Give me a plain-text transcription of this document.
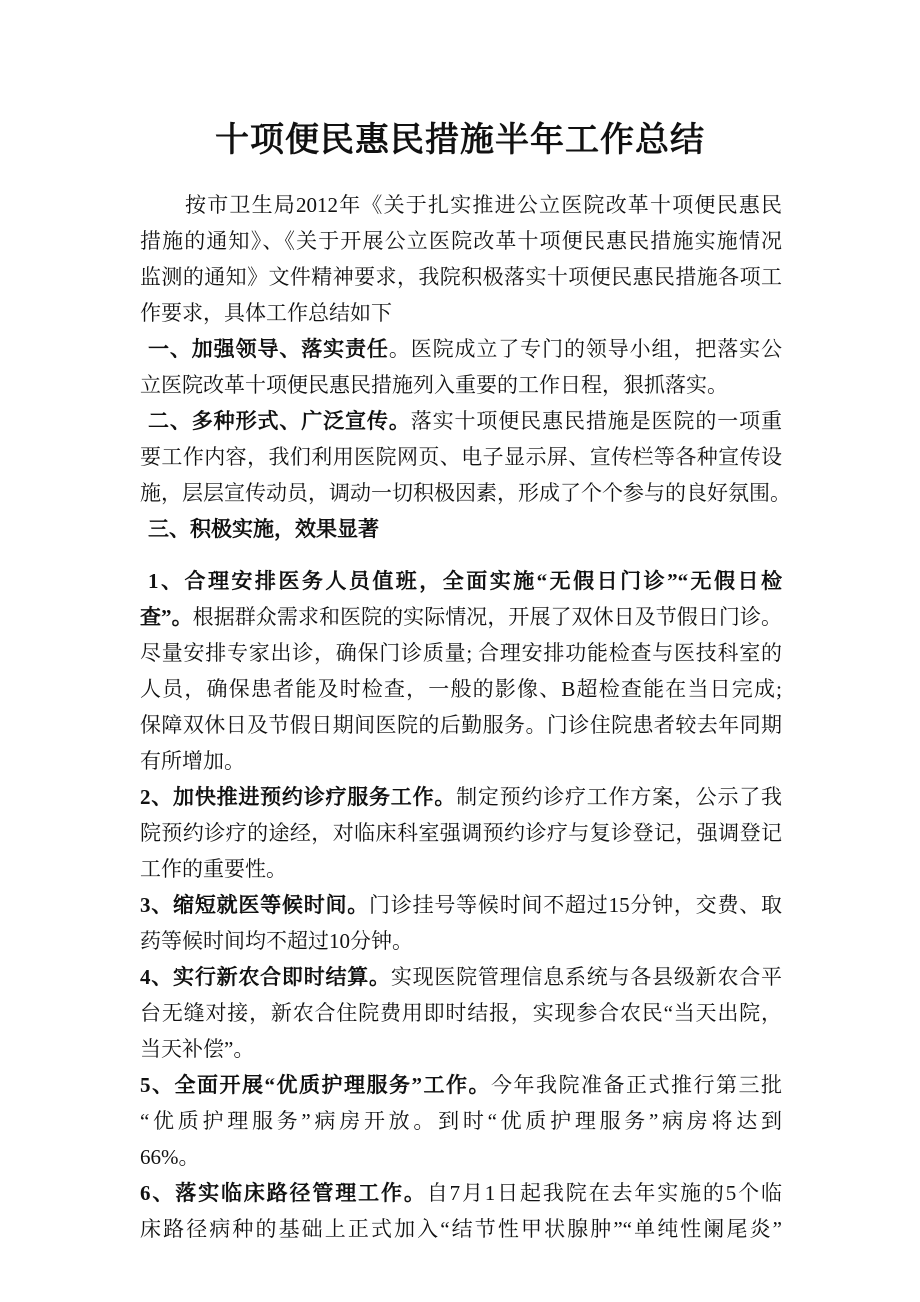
十项便民惠民措施半年工作总结
按市卫生局2012年《关于扎实推进公立医院改革十项便民惠民
措施的通知》、《关于开展公立医院改革十项便民惠民措施实施情况
监测的通知》文件精神要求，我院积极落实十项便民惠民措施各项工
作要求，具体工作总结如下
一、加强领导、落实责任。医院成立了专门的领导小组，把落实公
立医院改革十项便民惠民措施列入重要的工作日程，狠抓落实。
二、多种形式、广泛宣传。落实十项便民惠民措施是医院的一项重
要工作内容，我们利用医院网页、电子显示屏、宣传栏等各种宣传设
施，层层宣传动员，调动一切积极因素，形成了个个参与的良好氛围。
三、积极实施，效果显著
1、合理安排医务人员值班，全面实施“无假日门诊”“无假日检
查”。根据群众需求和医院的实际情况，开展了双休日及节假日门诊。
尽量安排专家出诊，确保门诊质量; 合理安排功能检查与医技科室的
人员，确保患者能及时检查，一般的影像、B超检查能在当日完成;
保障双休日及节假日期间医院的后勤服务。门诊住院患者较去年同期
有所增加。
2、加快推进预约诊疗服务工作。制定预约诊疗工作方案，公示了我
院预约诊疗的途经，对临床科室强调预约诊疗与复诊登记，强调登记
工作的重要性。
3、缩短就医等候时间。门诊挂号等候时间不超过15分钟，交费、取
药等候时间均不超过10分钟。
4、实行新农合即时结算。实现医院管理信息系统与各县级新农合平
台无缝对接，新农合住院费用即时结报，实现参合农民“当天出院，
当天补偿”。
5、全面开展“优质护理服务”工作。今年我院准备正式推行第三批
“优质护理服务”病房开放。到时“优质护理服务”病房将达到
66%。
6、落实临床路径管理工作。自7月1日起我院在去年实施的5个临
床路径病种的基础上正式加入“结节性甲状腺肿”“单纯性阑尾炎”
